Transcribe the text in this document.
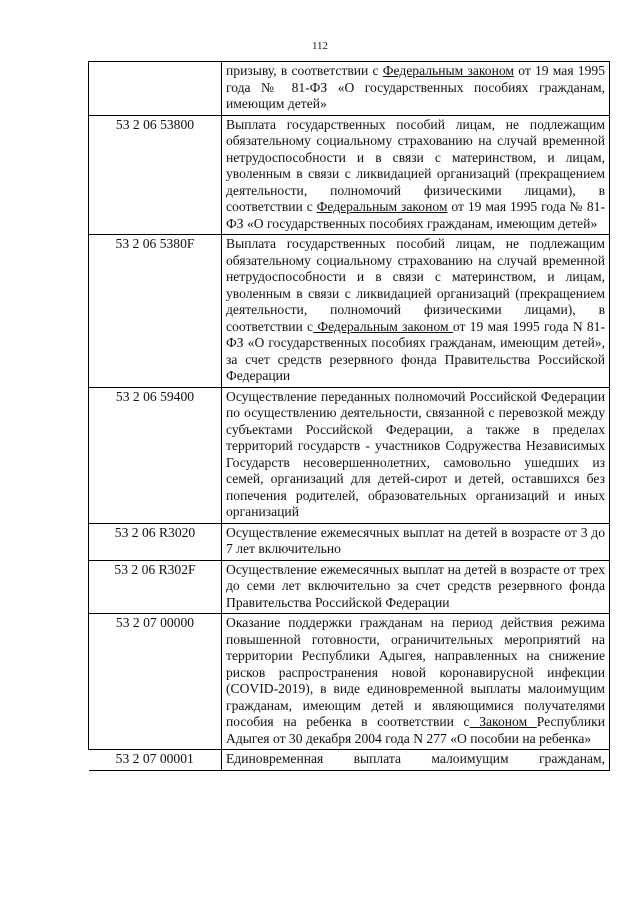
112
	призыву, в соответствии с Федеральным законом от 19 мая 1995 года № 81-ФЗ «О государственных пособиях гражданам, имеющим детей»
53 2 06 53800	Выплата государственных пособий лицам, не подлежащим обязательному социальному страхованию на случай временной нетрудоспособности и в связи с материнством, и лицам, уволенным в связи с ликвидацией организаций (прекращением деятельности, полномочий физическими лицами), в соответствии с Федеральным законом от 19 мая 1995 года № 81-ФЗ «О государственных пособиях гражданам, имеющим детей»
53 2 06 5380F	Выплата государственных пособий лицам, не подлежащим обязательному социальному страхованию на случай временной нетрудоспособности и в связи с материнством, и лицам, уволенным в связи с ликвидацией организаций (прекращением деятельности, полномочий физическими лицами), в соответствии с Федеральным законом от 19 мая 1995 года N 81-ФЗ «О государственных пособиях гражданам, имеющим детей», за счет средств резервного фонда Правительства Российской Федерации
53 2 06 59400	Осуществление переданных полномочий Российской Федерации по осуществлению деятельности, связанной с перевозкой между субъектами Российской Федерации, а также в пределах территорий государств - участников Содружества Независимых Государств несовершеннолетних, самовольно ушедших из семей, организаций для детей-сирот и детей, оставшихся без попечения родителей, образовательных организаций и иных организаций
53 2 06 R3020	Осуществление ежемесячных выплат на детей в возрасте от 3 до 7 лет включительно
53 2 06 R302F	Осуществление ежемесячных выплат на детей в возрасте от трех до семи лет включительно за счет средств резервного фонда Правительства Российской Федерации
53 2 07 00000	Оказание поддержки гражданам на период действия режима повышенной готовности, ограничительных мероприятий на территории Республики Адыгея, направленных на снижение рисков распространения новой коронавирусной инфекции (COVID-2019), в виде единовременной выплаты малоимущим гражданам, имеющим детей и являющимися получателями пособия на ребенка в соответствии с Законом Республики Адыгея от 30 декабря 2004 года N 277 «О пособии на ребенка»
53 2 07 00001	Единовременная выплата малоимущим гражданам,
